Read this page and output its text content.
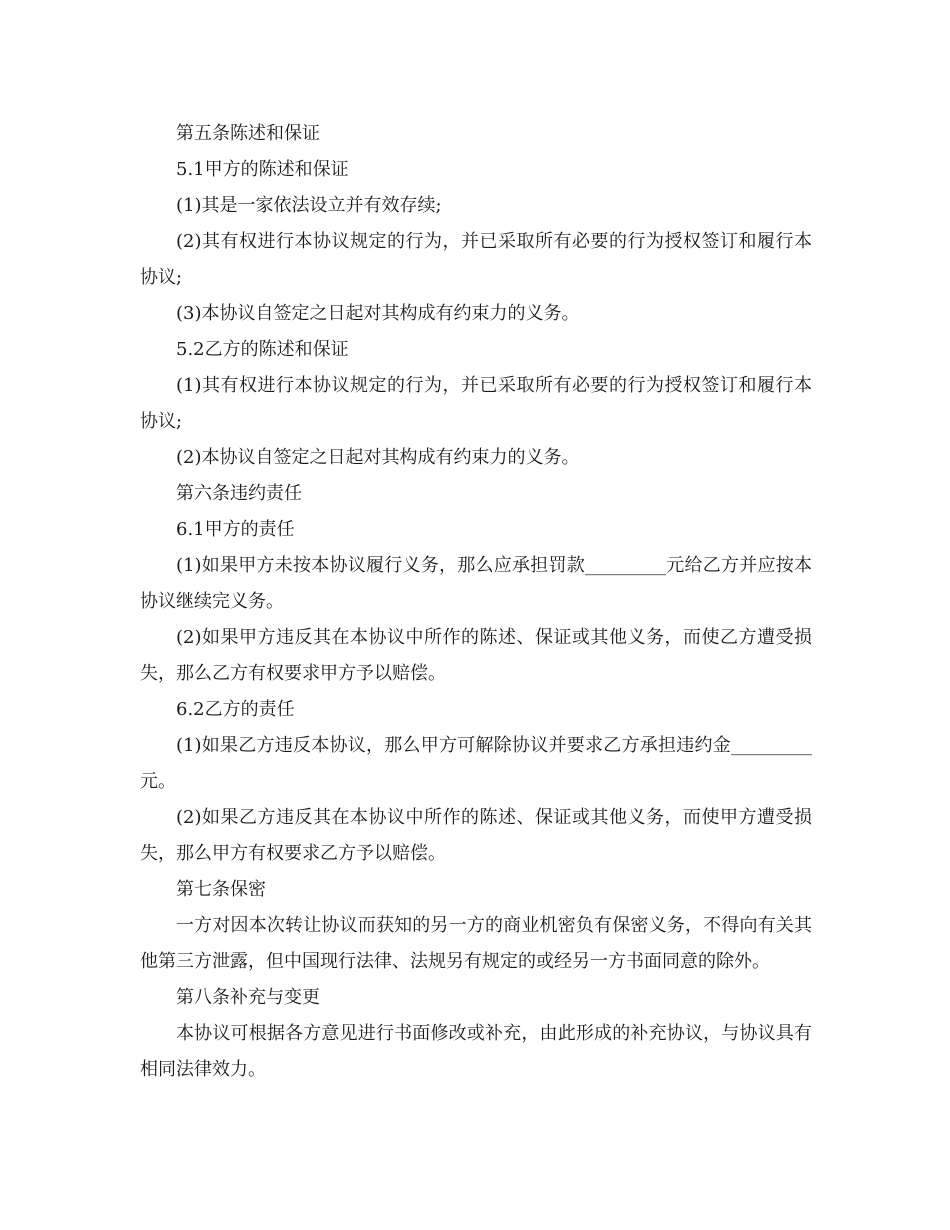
第五条陈述和保证

5.1甲方的陈述和保证

(1)其是一家依法设立并有效存续;

(2)其有权进行本协议规定的行为，并已采取所有必要的行为授权签订和履行本协议;

(3)本协议自签定之日起对其构成有约束力的义务。

5.2乙方的陈述和保证

(1)其有权进行本协议规定的行为，并已采取所有必要的行为授权签订和履行本协议;

(2)本协议自签定之日起对其构成有约束力的义务。

第六条违约责任

6.1甲方的责任

(1)如果甲方未按本协议履行义务，那么应承担罚款_________元给乙方并应按本协议继续完义务。

(2)如果甲方违反其在本协议中所作的陈述、保证或其他义务，而使乙方遭受损失，那么乙方有权要求甲方予以赔偿。

6.2乙方的责任

(1)如果乙方违反本协议，那么甲方可解除协议并要求乙方承担违约金_________元。

(2)如果乙方违反其在本协议中所作的陈述、保证或其他义务，而使甲方遭受损失，那么甲方有权要求乙方予以赔偿。

第七条保密

一方对因本次转让协议而获知的另一方的商业机密负有保密义务，不得向有关其他第三方泄露，但中国现行法律、法规另有规定的或经另一方书面同意的除外。

第八条补充与变更

本协议可根据各方意见进行书面修改或补充，由此形成的补充协议，与协议具有相同法律效力。
